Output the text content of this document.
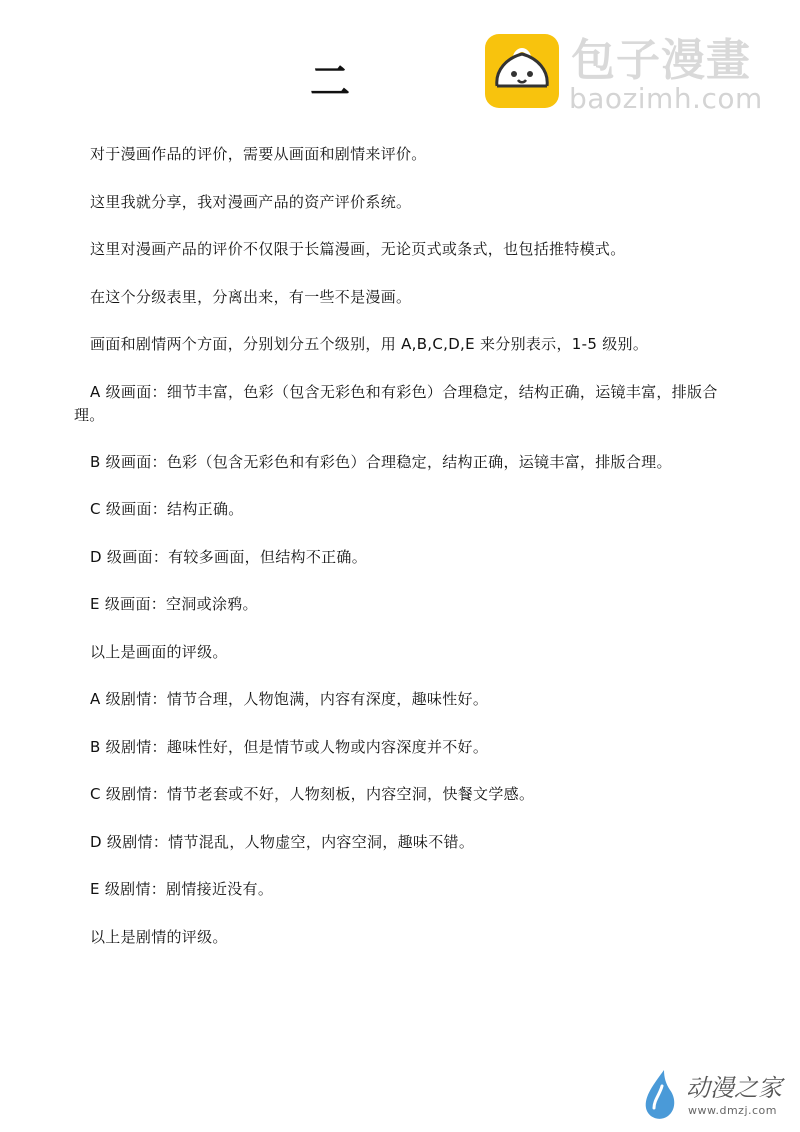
二	包子漫畫
baozimh.com

对于漫画作品的评价，需要从画面和剧情来评价。

这里我就分享，我对漫画产品的资产评价系统。

这里对漫画产品的评价不仅限于长篇漫画，无论页式或条式，也包括推特模式。

在这个分级表里，分离出来，有一些不是漫画。

画面和剧情两个方面，分别划分五个级别，用 A,B,C,D,E 来分别表示，1-5 级别。

A 级画面：细节丰富，色彩（包含无彩色和有彩色）合理稳定，结构正确，运镜丰富，排版合理。

B 级画面：色彩（包含无彩色和有彩色）合理稳定，结构正确，运镜丰富，排版合理。

C 级画面：结构正确。

D 级画面：有较多画面，但结构不正确。

E 级画面：空洞或涂鸦。

以上是画面的评级。

A 级剧情：情节合理，人物饱满，内容有深度，趣味性好。

B 级剧情：趣味性好，但是情节或人物或内容深度并不好。

C 级剧情：情节老套或不好，人物刻板，内容空洞，快餐文学感。

D 级剧情：情节混乱，人物虚空，内容空洞，趣味不错。

E 级剧情：剧情接近没有。

以上是剧情的评级。

动漫之家
www.dmzj.com
